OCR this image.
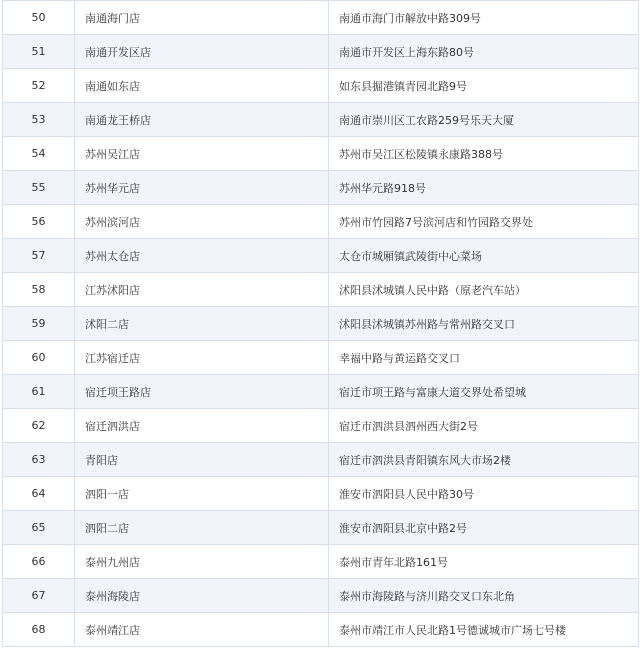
50	南通海门店	南通市海门市解放中路309号
51	南通开发区店	南通市开发区上海东路80号
52	南通如东店	如东县掘港镇青园北路9号
53	南通龙王桥店	南通市崇川区工农路259号乐天大厦
54	苏州吴江店	苏州市吴江区松陵镇永康路388号
55	苏州华元店	苏州华元路918号
56	苏州滨河店	苏州市竹园路7号滨河店和竹园路交界处
57	苏州太仓店	太仓市城厢镇武陵街中心菜场
58	江苏沭阳店	沭阳县沭城镇人民中路（原老汽车站）
59	沭阳二店	沭阳县沭城镇苏州路与常州路交叉口
60	江苏宿迁店	幸福中路与黄运路交叉口
61	宿迁项王路店	宿迁市项王路与富康大道交界处希望城
62	宿迁泗洪店	宿迁市泗洪县泗州西大街2号
63	青阳店	宿迁市泗洪县青阳镇东风大市场2楼
64	泗阳一店	淮安市泗阳县人民中路30号
65	泗阳二店	淮安市泗阳县北京中路2号
66	泰州九州店	泰州市青年北路161号
67	泰州海陵店	泰州市海陵路与济川路交叉口东北角
68	泰州靖江店	泰州市靖江市人民北路1号德诚城市广场七号楼
